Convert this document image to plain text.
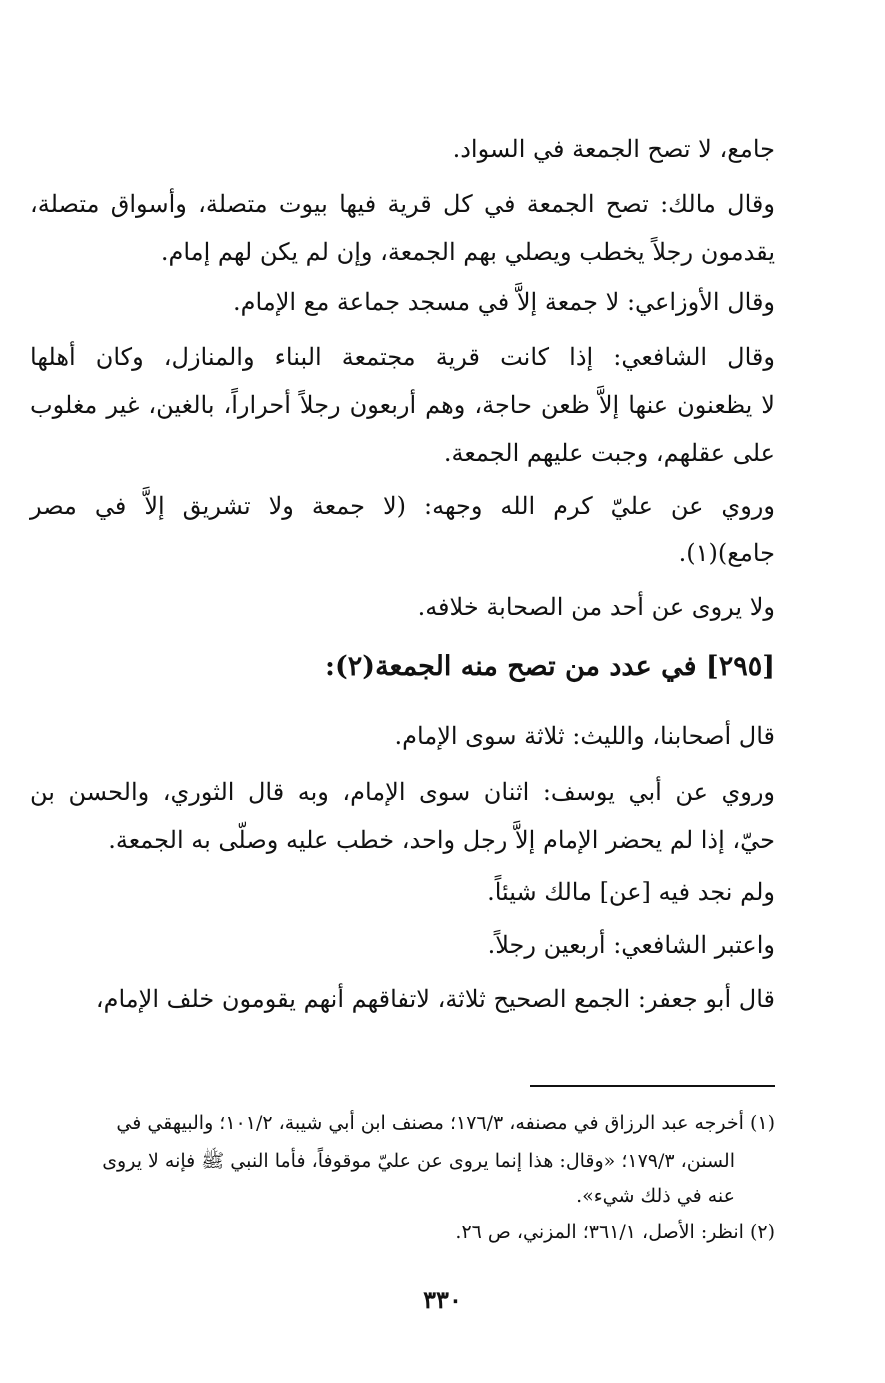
جامع، لا تصح الجمعة في السواد.
وقال مالك: تصح الجمعة في كل قرية فيها بيوت متصلة، وأسواق متصلة،
يقدمون رجلاً يخطب ويصلي بهم الجمعة، وإن لم يكن لهم إمام.
وقال الأوزاعي: لا جمعة إلاَّ في مسجد جماعة مع الإمام.
وقال الشافعي: إذا كانت قرية مجتمعة البناء والمنازل، وكان أهلها
لا يظعنون عنها إلاَّ ظعن حاجة، وهم أربعون رجلاً أحراراً، بالغين، غير مغلوب
على عقلهم، وجبت عليهم الجمعة.
وروي عن عليّ كرم الله وجهه: (لا جمعة ولا تشريق إلاَّ في مصر
جامع)(١).
ولا يروى عن أحد من الصحابة خلافه.
[٢٩٥] في عدد من تصح منه الجمعة(٢):
قال أصحابنا، والليث: ثلاثة سوى الإمام.
وروي عن أبي يوسف: اثنان سوى الإمام، وبه قال الثوري، والحسن بن
حيّ، إذا لم يحضر الإمام إلاَّ رجل واحد، خطب عليه وصلّى به الجمعة.
ولم نجد فيه [عن] مالك شيئاً.
واعتبر الشافعي: أربعين رجلاً.
قال أبو جعفر: الجمع الصحيح ثلاثة، لاتفاقهم أنهم يقومون خلف الإمام،
(١) أخرجه عبد الرزاق في مصنفه، ١٧٦/٣؛ مصنف ابن أبي شيبة، ١٠١/٢؛ والبيهقي في
السنن، ١٧٩/٣؛ «وقال: هذا إنما يروى عن عليّ موقوفاً، فأما النبي ﷺ فإنه لا يروى
عنه في ذلك شيء».
(٢) انظر: الأصل، ٣٦١/١؛ المزني، ص ٢٦.
٣٣٠
